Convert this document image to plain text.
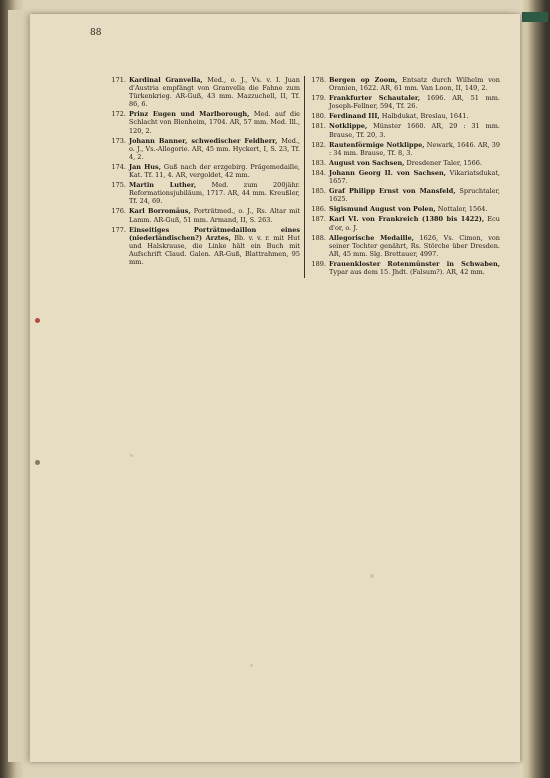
88
171. Kardinal Granvella, Med., o. J., Vs. v. I. Juan d'Austria empfängt von Granvella die Fahne zum Türkenkrieg. AR-Guß, 43 mm. Mazzuchell, II, Tf. 86, 6.
172. Prinz Eugen und Marlborough, Med. auf die Schlacht von Blenheim, 1704. AR, 57 mm. Med. Ill., 120, 2.
173. Johann Banner, schwedischer Feldherr, Med., o. J., Vs.-Allegorie. AR, 45 mm. Hyckert, I, S. 23, Tf. 4, 2.
174. Jan Hus, Guß nach der erzgebirg. Prägemedaille, Kat. Tf. 11, 4. AR, vergoldet, 42 mm.
175. Martin Luther, Med. zum 200jähr. Reformationsjubiläum, 1717. AR, 44 mm. Kreußler, Tf. 24, 69.
176. Karl Borromäus, Porträtmed., o. J., Rs. Altar mit Lamm. AR-Guß, 51 mm. Armand, II, S. 263.
177. Einseitiges Porträtmedaillon eines (niederländischen?) Arztes, Bb. v. v. r. mit Hut und Halskrause, die Linke hält ein Buch mit Aufschrift Claud. Galen. AR-Guß, Blattrahmen, 95 mm.
178. Bergen op Zoom, Entsatz durch Wilhelm von Oranien, 1622. AR, 61 mm. Van Loon, II, 149, 2.
179. Frankfurter Schautaler, 1696. AR, 51 mm. Joseph-Fellner, 594, Tf. 26.
180. Ferdinand III, Halbdukat, Breslau, 1641.
181. Notklippe, Münster 1660. AR, 29 : 31 mm. Brause, Tf. 20, 3.
182. Rautenförmige Notklippe, Newark, 1646. AR, 39 : 34 mm. Brause, Tf. 8, 3.
183. August von Sachsen, Dresdener Taler, 1566.
184. Johann Georg II. von Sachsen, Vikariatsdukat, 1657.
185. Graf Philipp Ernst von Mansfeld, Spruchtaler, 1625.
186. Sigismund August von Polen, Nottaler, 1564.
187. Karl VI. von Frankreich (1380 bis 1422), Ecu d'or, o. J.
188. Allegorische Medaille, 1626, Vs. Cimon, von seiner Tochter genährt, Rs. Störche über Dresden. AR, 45 mm. Slg. Brettauer, 4997.
189. Frauenkloster Rotenmünster in Schwaben, Typar aus dem 15. Jhdt. (Falsum?). AR, 42 mm.
